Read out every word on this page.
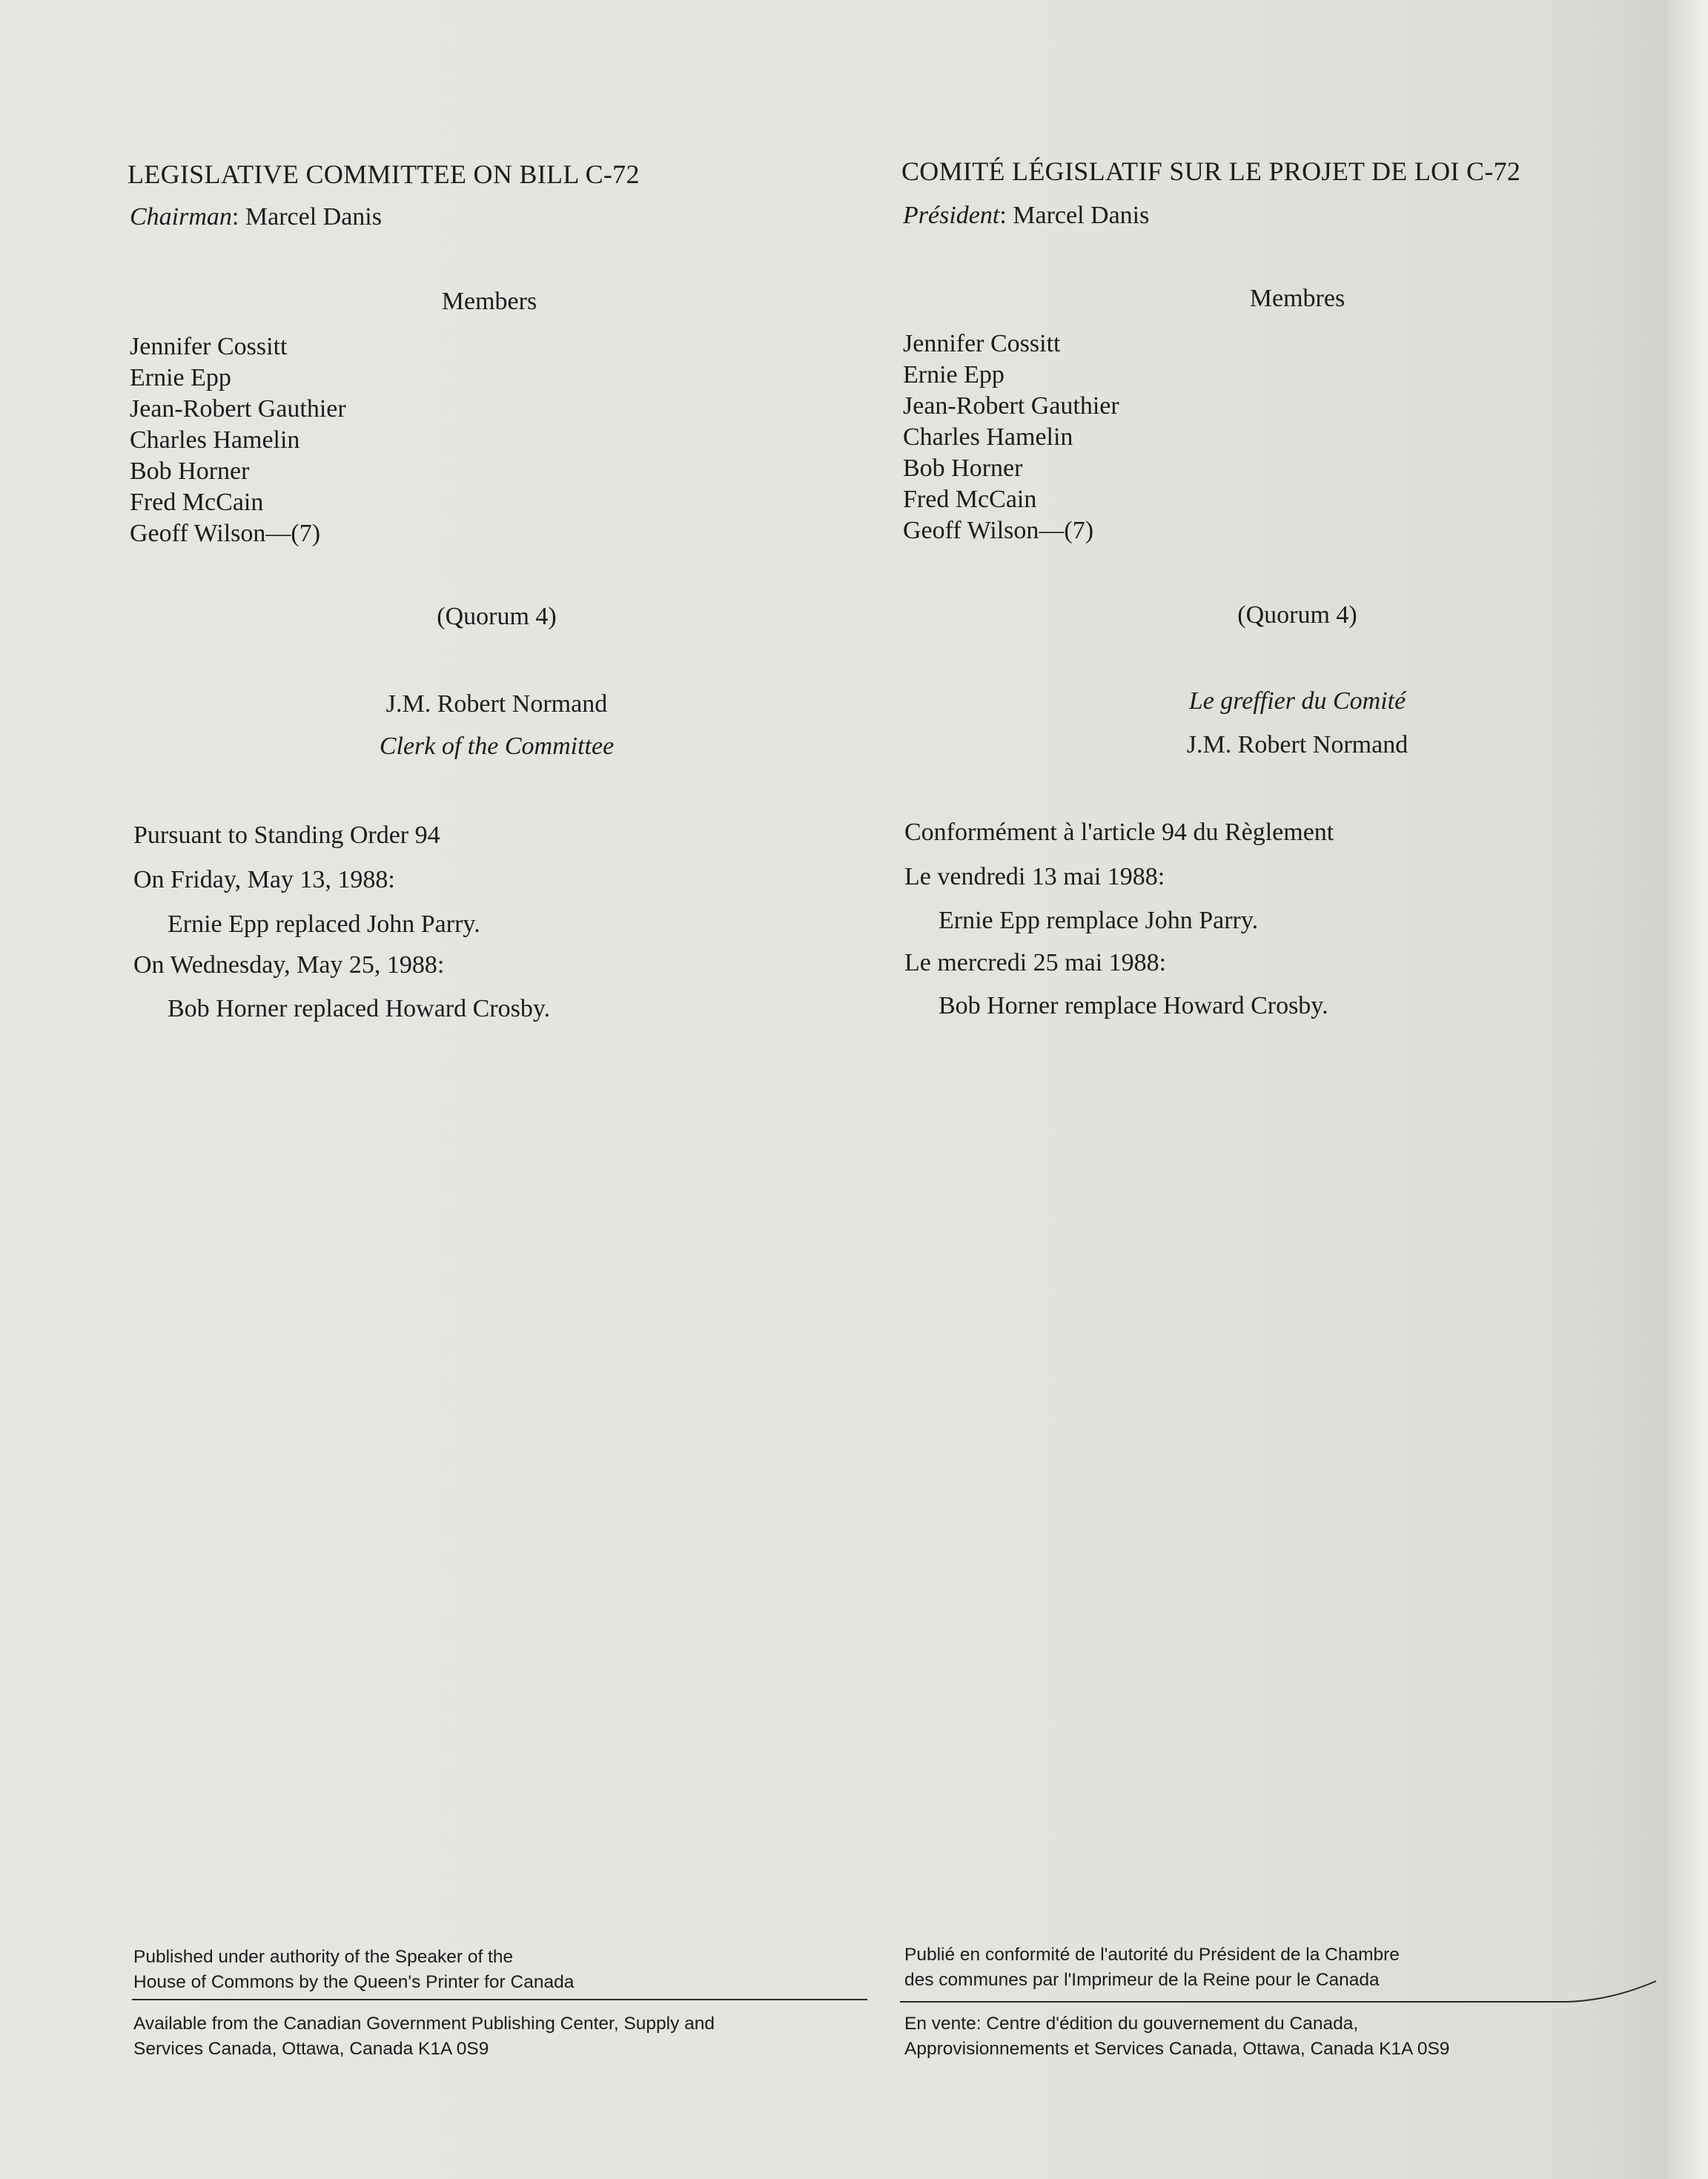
LEGISLATIVE COMMITTEE ON BILL C-72
Chairman: Marcel Danis
Members
Jennifer Cossitt
Ernie Epp
Jean-Robert Gauthier
Charles Hamelin
Bob Horner
Fred McCain
Geoff Wilson—(7)
(Quorum 4)
J.M. Robert Normand
Clerk of the Committee
Pursuant to Standing Order 94
On Friday, May 13, 1988:
Ernie Epp replaced John Parry.
On Wednesday, May 25, 1988:
Bob Horner replaced Howard Crosby.
Published under authority of the Speaker of the
House of Commons by the Queen's Printer for Canada
Available from the Canadian Government Publishing Center, Supply and
Services Canada, Ottawa, Canada K1A 0S9
COMITÉ LÉGISLATIF SUR LE PROJET DE LOI C-72
Président: Marcel Danis
Membres
Jennifer Cossitt
Ernie Epp
Jean-Robert Gauthier
Charles Hamelin
Bob Horner
Fred McCain
Geoff Wilson—(7)
(Quorum 4)
Le greffier du Comité
J.M. Robert Normand
Conformément à l'article 94 du Règlement
Le vendredi 13 mai 1988:
Ernie Epp remplace John Parry.
Le mercredi 25 mai 1988:
Bob Horner remplace Howard Crosby.
Publié en conformité de l'autorité du Président de la Chambre
des communes par l'Imprimeur de la Reine pour le Canada
En vente: Centre d'édition du gouvernement du Canada,
Approvisionnements et Services Canada, Ottawa, Canada K1A 0S9
